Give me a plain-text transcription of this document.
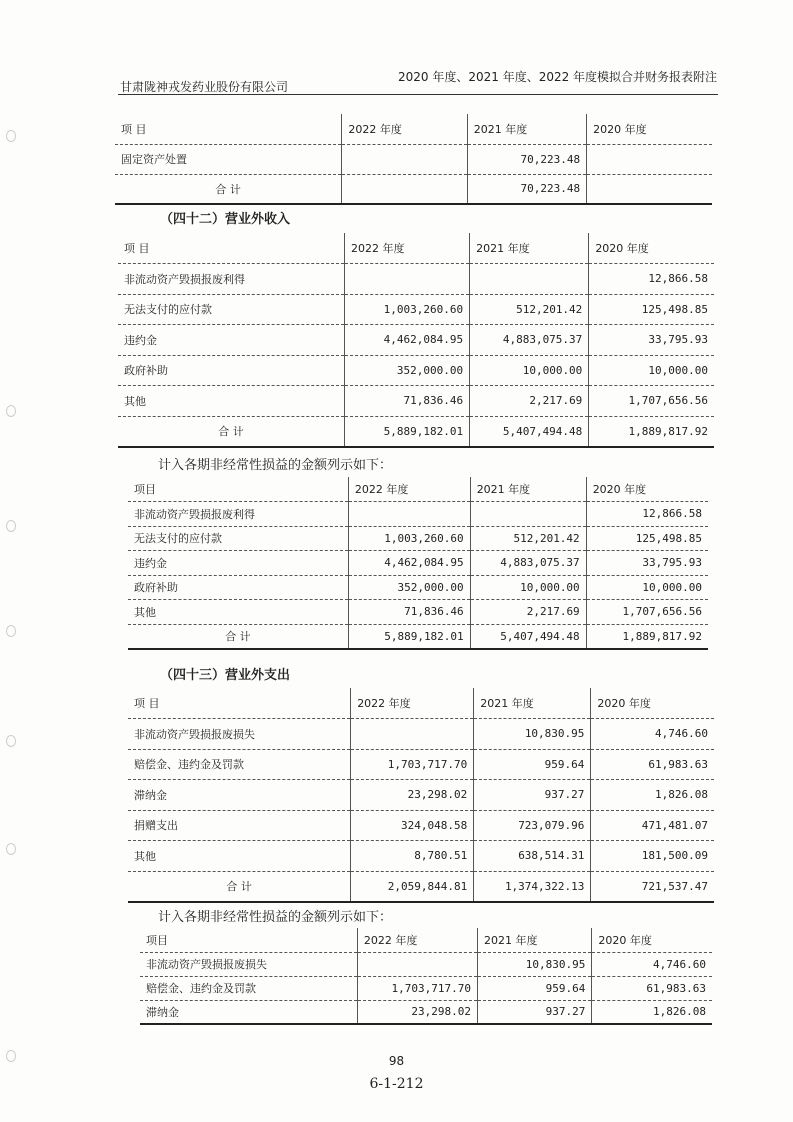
甘肃陇神戎发药业股份有限公司
2020 年度、2021 年度、2022 年度模拟合并财务报表附注
项 目	2022 年度	2021 年度	2020 年度
固定资产处置		70,223.48	
合 计		70,223.48	
（四十二）营业外收入
项 目	2022 年度	2021 年度	2020 年度
非流动资产毁损报废利得			12,866.58
无法支付的应付款	1,003,260.60	512,201.42	125,498.85
违约金	4,462,084.95	4,883,075.37	33,795.93
政府补助	352,000.00	10,000.00	10,000.00
其他	71,836.46	2,217.69	1,707,656.56
合 计	5,889,182.01	5,407,494.48	1,889,817.92
计入各期非经常性损益的金额列示如下：
项目	2022 年度	2021 年度	2020 年度
非流动资产毁损报废利得			12,866.58
无法支付的应付款	1,003,260.60	512,201.42	125,498.85
违约金	4,462,084.95	4,883,075.37	33,795.93
政府补助	352,000.00	10,000.00	10,000.00
其他	71,836.46	2,217.69	1,707,656.56
合 计	5,889,182.01	5,407,494.48	1,889,817.92
（四十三）营业外支出
项 目	2022 年度	2021 年度	2020 年度
非流动资产毁损报废损失		10,830.95	4,746.60
赔偿金、违约金及罚款	1,703,717.70	959.64	61,983.63
滞纳金	23,298.02	937.27	1,826.08
捐赠支出	324,048.58	723,079.96	471,481.07
其他	8,780.51	638,514.31	181,500.09
合 计	2,059,844.81	1,374,322.13	721,537.47
计入各期非经常性损益的金额列示如下：
项目	2022 年度	2021 年度	2020 年度
非流动资产毁损报废损失		10,830.95	4,746.60
赔偿金、违约金及罚款	1,703,717.70	959.64	61,983.63
滞纳金	23,298.02	937.27	1,826.08
98
6-1-212
